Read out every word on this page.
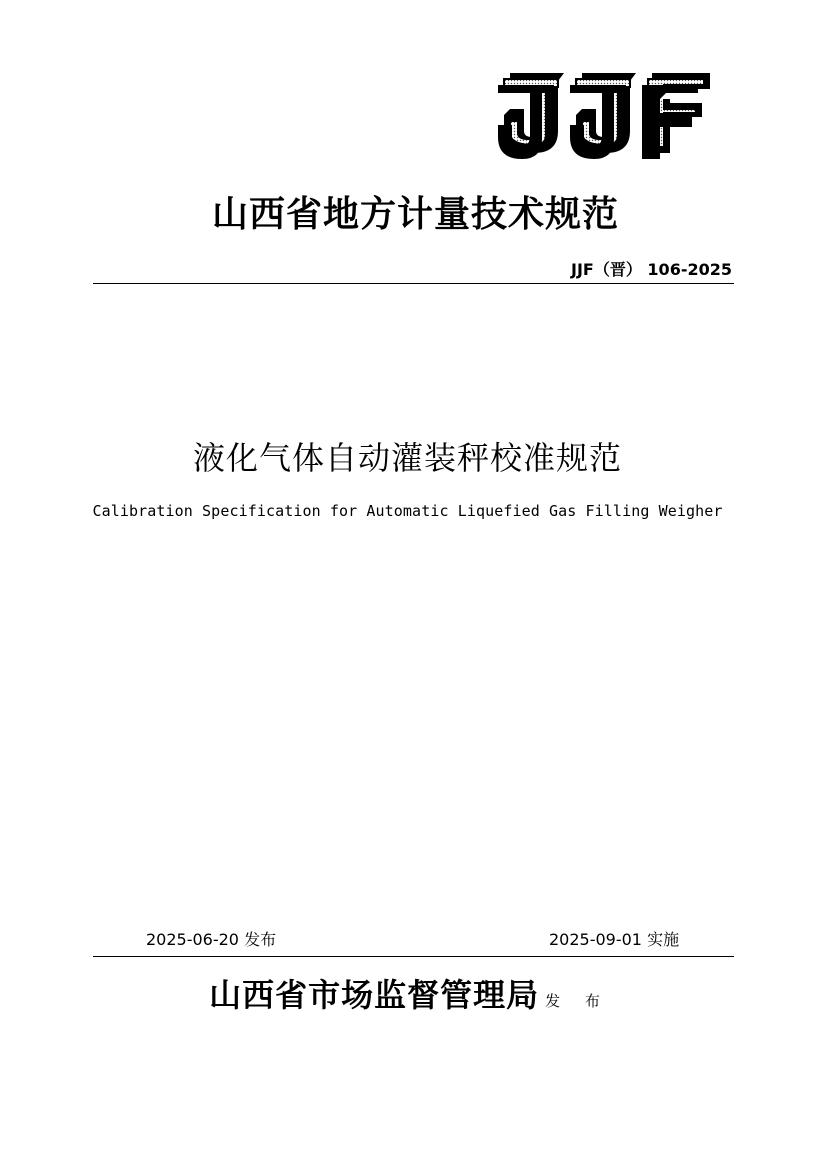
山西省地方计量技术规范
JJF（晋） 106-2025
液化气体自动灌装秤校准规范
Calibration Specification for Automatic Liquefied Gas Filling Weigher
2025-06-20 发布	2025-09-01 实施
山西省市场监督管理局 发 布
